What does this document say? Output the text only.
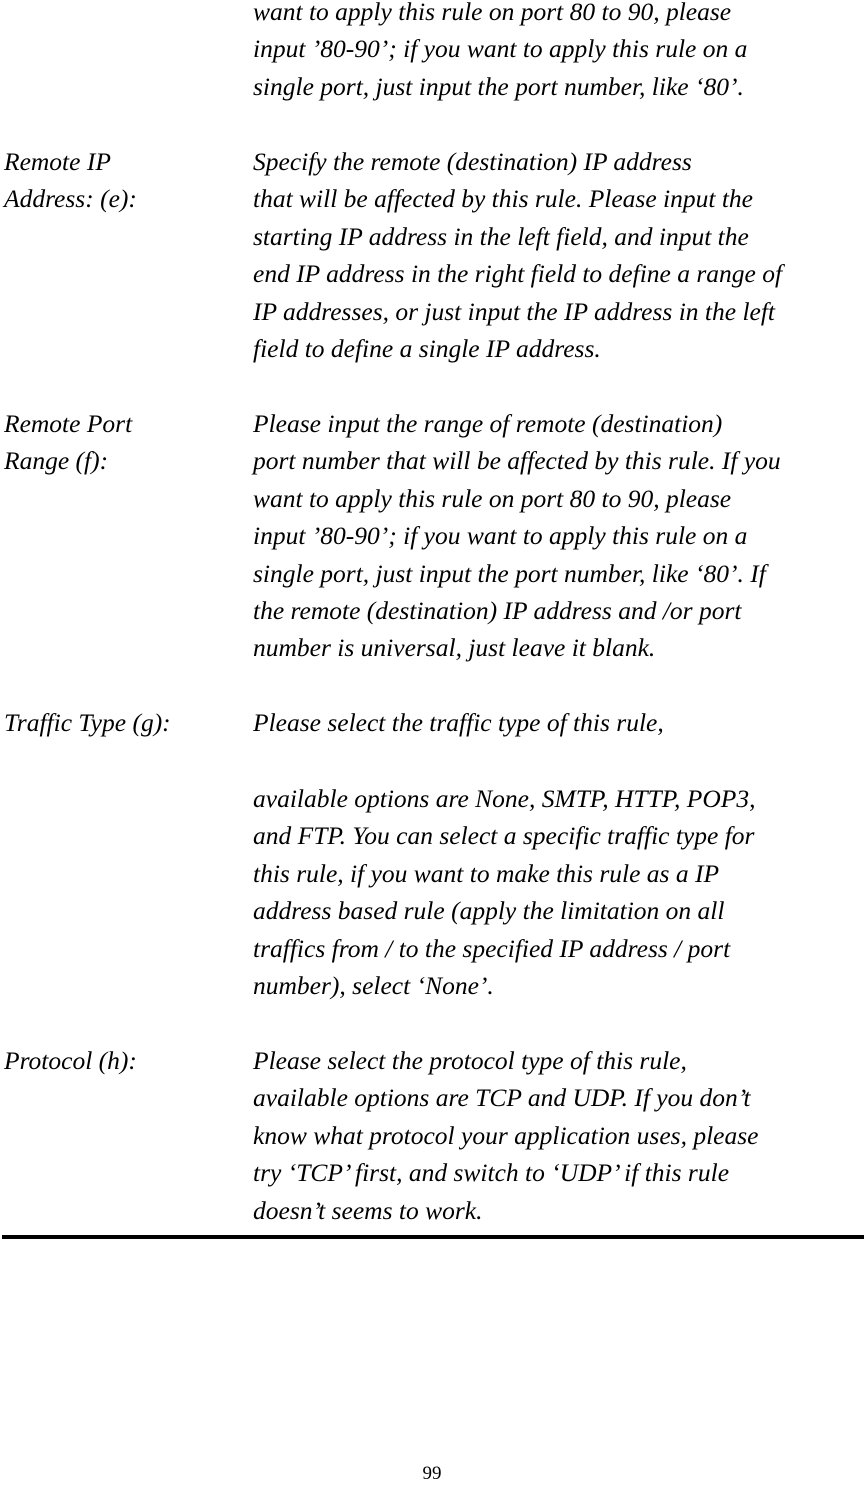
want to apply this rule on port 80 to 90, please
input ’80-90’; if you want to apply this rule on a
single port, just input the port number, like ‘80’.
Remote IP
Address: (e):
Specify the remote (destination) IP address
that will be affected by this rule. Please input the
starting IP address in the left field, and input the
end IP address in the right field to define a range of
IP addresses, or just input the IP address in the left
field to define a single IP address.
Remote Port
Range (f):
Please input the range of remote (destination)
port number that will be affected by this rule. If you
want to apply this rule on port 80 to 90, please
input ’80-90’; if you want to apply this rule on a
single port, just input the port number, like ‘80’. If
the remote (destination) IP address and /or port
number is universal, just leave it blank.
Traffic Type (g):	Please select the traffic type of this rule,
available options are None, SMTP, HTTP, POP3,
and FTP. You can select a specific traffic type for
this rule, if you want to make this rule as a IP
address based rule (apply the limitation on all
traffics from / to the specified IP address / port
number), select ‘None’.
Protocol (h):	Please select the protocol type of this rule,
available options are TCP and UDP. If you don’t
know what protocol your application uses, please
try ‘TCP’ first, and switch to ‘UDP’ if this rule
doesn’t seems to work.
99
